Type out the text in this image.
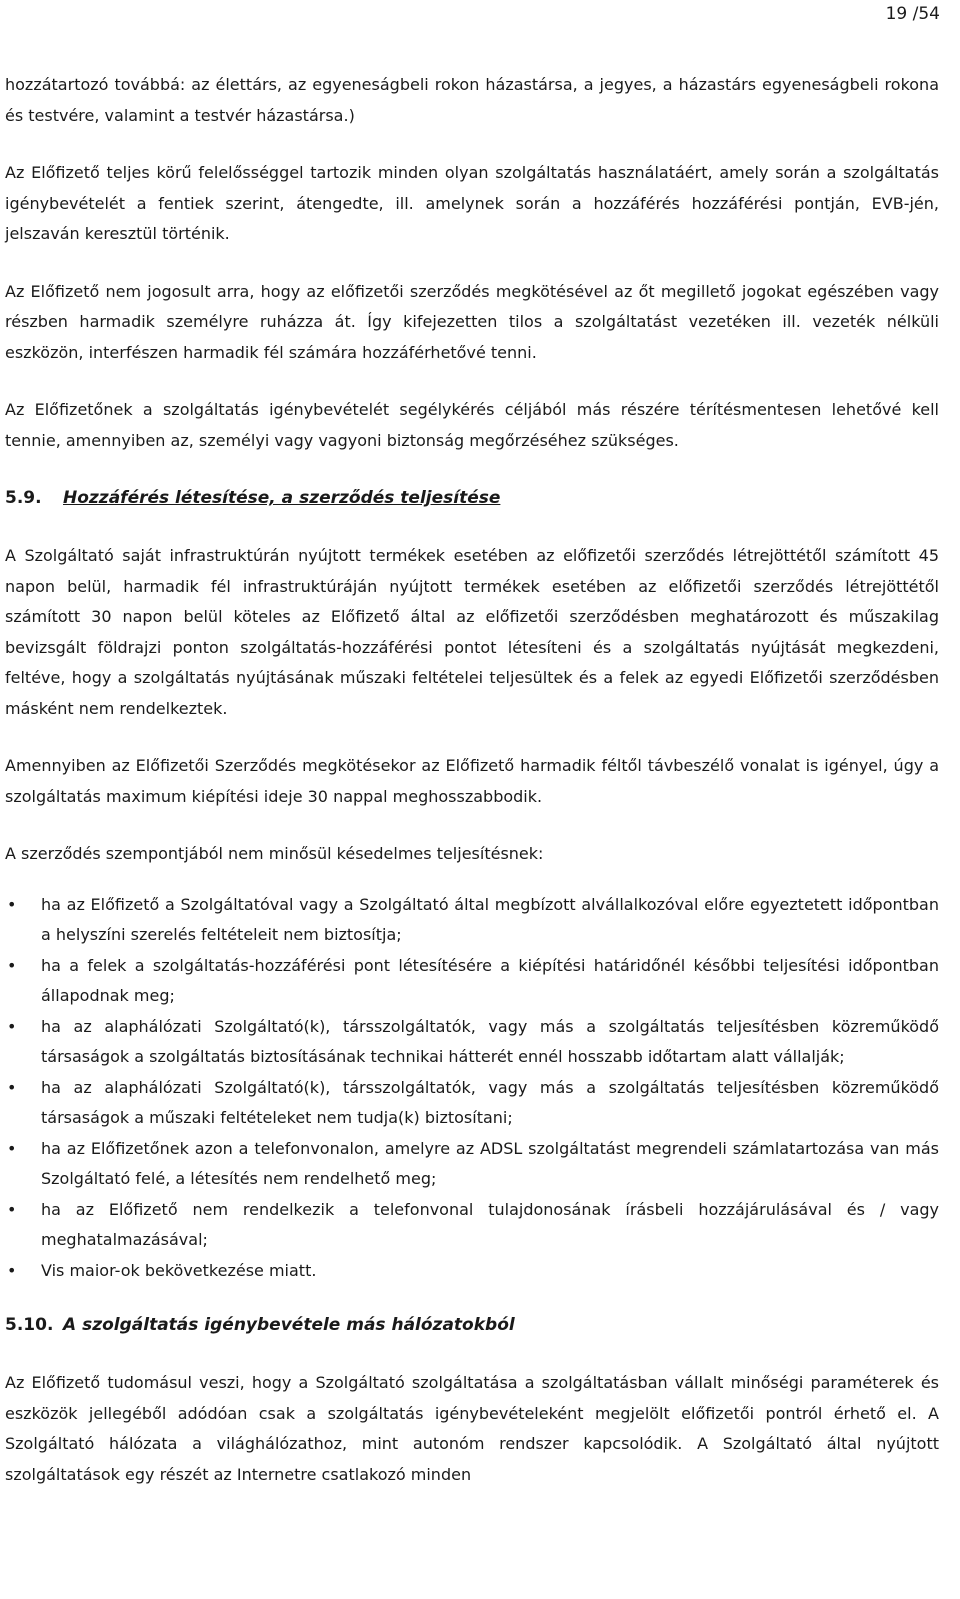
19 /54

hozzátartozó továbbá: az élettárs, az egyeneságbeli rokon házastársa, a jegyes, a házastárs egyeneságbeli rokona és testvére, valamint a testvér házastársa.)

Az Előfizető teljes körű felelősséggel tartozik minden olyan szolgáltatás használatáért, amely során a szolgáltatás igénybevételét a fentiek szerint, átengedte, ill. amelynek során a hozzáférés hozzáférési pontján, EVB-jén, jelszaván keresztül történik.

Az Előfizető nem jogosult arra, hogy az előfizetői szerződés megkötésével az őt megillető jogokat egészében vagy részben harmadik személyre ruházza át. Így kifejezetten tilos a szolgáltatást vezetéken ill. vezeték nélküli eszközön, interfészen harmadik fél számára hozzáférhetővé tenni.

Az Előfizetőnek a szolgáltatás igénybevételét segélykérés céljából más részére térítésmentesen lehetővé kell tennie, amennyiben az, személyi vagy vagyoni biztonság megőrzéséhez szükséges.

5.9. Hozzáférés létesítése, a szerződés teljesítése

A Szolgáltató saját infrastruktúrán nyújtott termékek esetében az előfizetői szerződés létrejöttétől számított 45 napon belül, harmadik fél infrastruktúráján nyújtott termékek esetében az előfizetői szerződés létrejöttétől számított 30 napon belül köteles az Előfizető által az előfizetői szerződésben meghatározott és műszakilag bevizsgált földrajzi ponton szolgáltatás-hozzáférési pontot létesíteni és a szolgáltatás nyújtását megkezdeni, feltéve, hogy a szolgáltatás nyújtásának műszaki feltételei teljesültek és a felek az egyedi Előfizetői szerződésben másként nem rendelkeztek.

Amennyiben az Előfizetői Szerződés megkötésekor az Előfizető harmadik féltől távbeszélő vonalat is igényel, úgy a szolgáltatás maximum kiépítési ideje 30 nappal meghosszabbodik.

A szerződés szempontjából nem minősül késedelmes teljesítésnek:

• ha az Előfizető a Szolgáltatóval vagy a Szolgáltató által megbízott alvállalkozóval előre egyeztetett időpontban a helyszíni szerelés feltételeit nem biztosítja;
• ha a felek a szolgáltatás-hozzáférési pont létesítésére a kiépítési határidőnél későbbi teljesítési időpontban állapodnak meg;
• ha az alaphálózati Szolgáltató(k), társszolgáltatók, vagy más a szolgáltatás teljesítésben közreműködő társaságok a szolgáltatás biztosításának technikai hátterét ennél hosszabb időtartam alatt vállalják;
• ha az alaphálózati Szolgáltató(k), társszolgáltatók, vagy más a szolgáltatás teljesítésben közreműködő társaságok a műszaki feltételeket nem tudja(k) biztosítani;
• ha az Előfizetőnek azon a telefonvonalon, amelyre az ADSL szolgáltatást megrendeli számlatartozása van más Szolgáltató felé, a létesítés nem rendelhető meg;
• ha az Előfizető nem rendelkezik a telefonvonal tulajdonosának írásbeli hozzájárulásával és / vagy meghatalmazásával;
• Vis maior-ok bekövetkezése miatt.
5.10. A szolgáltatás igénybevétele más hálózatokból

Az Előfizető tudomásul veszi, hogy a Szolgáltató szolgáltatása a szolgáltatásban vállalt minőségi paraméterek és eszközök jellegéből adódóan csak a szolgáltatás igénybevételeként megjelölt előfizetői pontról érhető el. A Szolgáltató hálózata a világhálózathoz, mint autonóm rendszer kapcsolódik. A Szolgáltató által nyújtott szolgáltatások egy részét az Internetre csatlakozó minden
